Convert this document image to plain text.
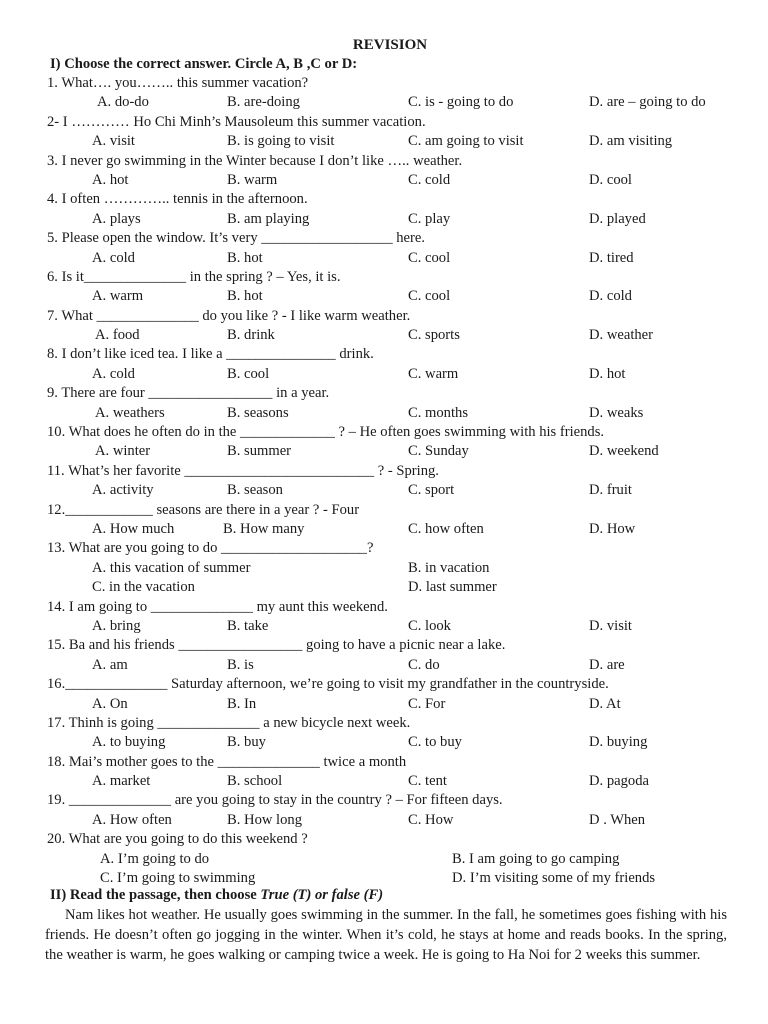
REVISION
I) Choose the correct answer. Circle A, B ,C or D:
1. What…. you…….. this summer vacation?
A. do-do	B. are-doing	C. is - going to do	D. are – going to do
2- I ………… Ho Chi Minh’s Mausoleum this summer vacation.
A. visit	B. is going to visit	C. am going to visit	D. am visiting
3. I never go swimming in the Winter because I don’t like ….. weather.
A. hot	B. warm	C. cold	D. cool
4. I often ………….. tennis in the afternoon.
A. plays	B. am playing	C. play	D. played
5. Please open the window. It’s very __________________ here.
A. cold	B. hot	C. cool	D. tired
6. Is it______________ in the spring ? – Yes, it is.
A. warm	B. hot	C. cool	D. cold
7. What ______________ do you like ? - I like warm weather.
A. food	B. drink	C. sports	D. weather
8. I don’t like iced tea. I like a _______________ drink.
A. cold	B. cool	C. warm	D. hot
9. There are four _________________ in a year.
A. weathers	B. seasons	C. months	D. weaks
10. What does he often do in the _____________ ? – He often goes swimming with his friends.
A. winter	B. summer	C. Sunday	D. weekend
11. What’s her favorite __________________________ ? - Spring.
A. activity	B. season	C. sport	D. fruit
12.____________ seasons are there in a year ? - Four
A. How much	B. How many	C. how often	D. How
13. What are you going to do ____________________?
A. this vacation of summer	B. in vacation
C. in the vacation	D. last summer
14. I am going to ______________ my aunt this weekend.
A. bring	B. take	C. look	D. visit
15. Ba and his friends _________________ going to have a picnic near a lake.
A. am	B. is	C. do	D. are
16.______________ Saturday afternoon, we’re going to visit my grandfather in the countryside.
A. On	B. In	C. For	D. At
17. Thinh is going ______________ a new bicycle next week.
A. to buying	B. buy	C. to buy	D. buying
18. Mai’s mother goes to the ______________ twice a month
A. market	B. school	C. tent	D. pagoda
19. ______________ are you going to stay in the country ? – For fifteen days.
A. How often	B. How long	C. How	D . When
20. What are you going to do this weekend ?
A. I’m going to do	B. I am going to go camping
C. I’m going to swimming	D. I’m visiting some of my friends
II) Read the passage, then choose True (T) or false (F)
Nam likes hot weather. He usually goes swimming in the summer. In the fall, he sometimes goes fishing with his friends. He doesn’t often go jogging in the winter. When it’s cold, he stays at home and reads books. In the spring, the weather is warm, he goes walking or camping twice a week. He is going to Ha Noi for 2 weeks this summer.
